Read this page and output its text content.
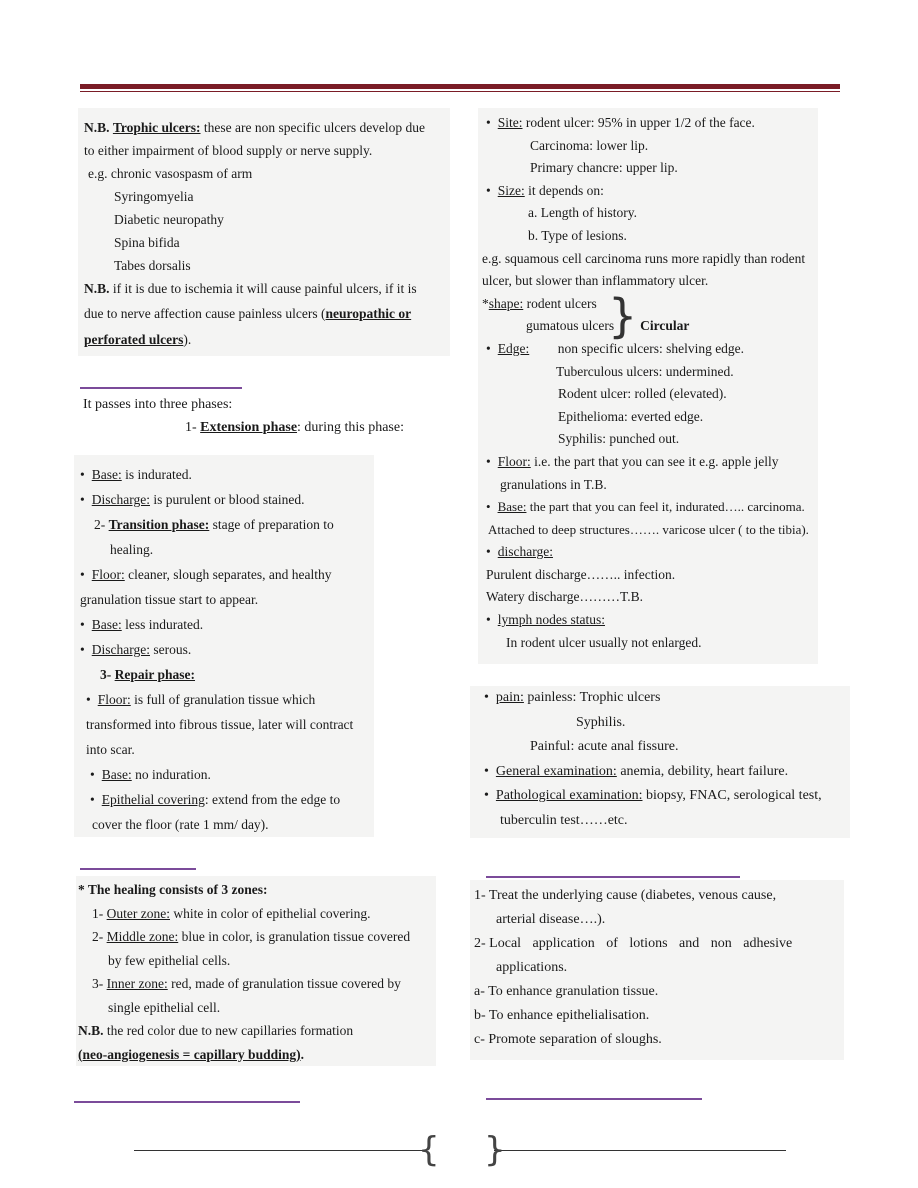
N.B. Trophic ulcers: these are non specific ulcers develop due

to either impairment of blood supply or nerve supply.

e.g. chronic vasospasm of arm

Syringomyelia

Diabetic neuropathy

Spina bifida

Tabes dorsalis

N.B. if it is due to ischemia it will cause painful ulcers, if it is

due to nerve affection cause painless ulcers (neuropathic or

perforated ulcers).

It passes into three phases:

1- Extension phase: during this phase:

• Base: is indurated.

• Discharge: is purulent or blood stained.

2- Transition phase: stage of preparation to

healing.

• Floor: cleaner, slough separates, and healthy

granulation tissue start to appear.

• Base: less indurated.

• Discharge: serous.

3- Repair phase:

• Floor: is full of granulation tissue which

transformed into fibrous tissue, later will contract

into scar.

• Base: no induration.

• Epithelial covering: extend from the edge to

cover the floor (rate 1 mm/ day).

* The healing consists of 3 zones:

1- Outer zone: white in color of epithelial covering.

2- Middle zone: blue in color, is granulation tissue covered

by few epithelial cells.

3- Inner zone: red, made of granulation tissue covered by

single epithelial cell.

N.B. the red color due to new capillaries formation

(neo-angiogenesis = capillary budding).

• Site: rodent ulcer: 95% in upper 1/2 of the face.

Carcinoma: lower lip.

Primary chancre: upper lip.

• Size: it depends on:

a. Length of history.

b. Type of lesions.

e.g. squamous cell carcinoma runs more rapidly than rodent

ulcer, but slower than inflammatory ulcer.

*shape: rodent ulcers

gumatous ulcers Circular

• Edge: non specific ulcers: shelving edge.

Tuberculous ulcers: undermined.

Rodent ulcer: rolled (elevated).

Epithelioma: everted edge.

Syphilis: punched out.

• Floor: i.e. the part that you can see it e.g. apple jelly

granulations in T.B.

• Base: the part that you can feel it, indurated….. carcinoma.

Attached to deep structures……. varicose ulcer ( to the tibia).

• discharge:

Purulent discharge…….. infection.

Watery discharge………T.B.

• lymph nodes status:

In rodent ulcer usually not enlarged.

}

• pain: painless: Trophic ulcers

Syphilis.

Painful: acute anal fissure.

• General examination: anemia, debility, heart failure.

• Pathological examination: biopsy, FNAC, serological test,

tuberculin test……etc.

1- Treat the underlying cause (diabetes, venous cause,

arterial disease….).

2- Local application of lotions and non adhesive

applications.

a- To enhance granulation tissue.

b- To enhance epithelialisation.

c- Promote separation of sloughs.

{ }
